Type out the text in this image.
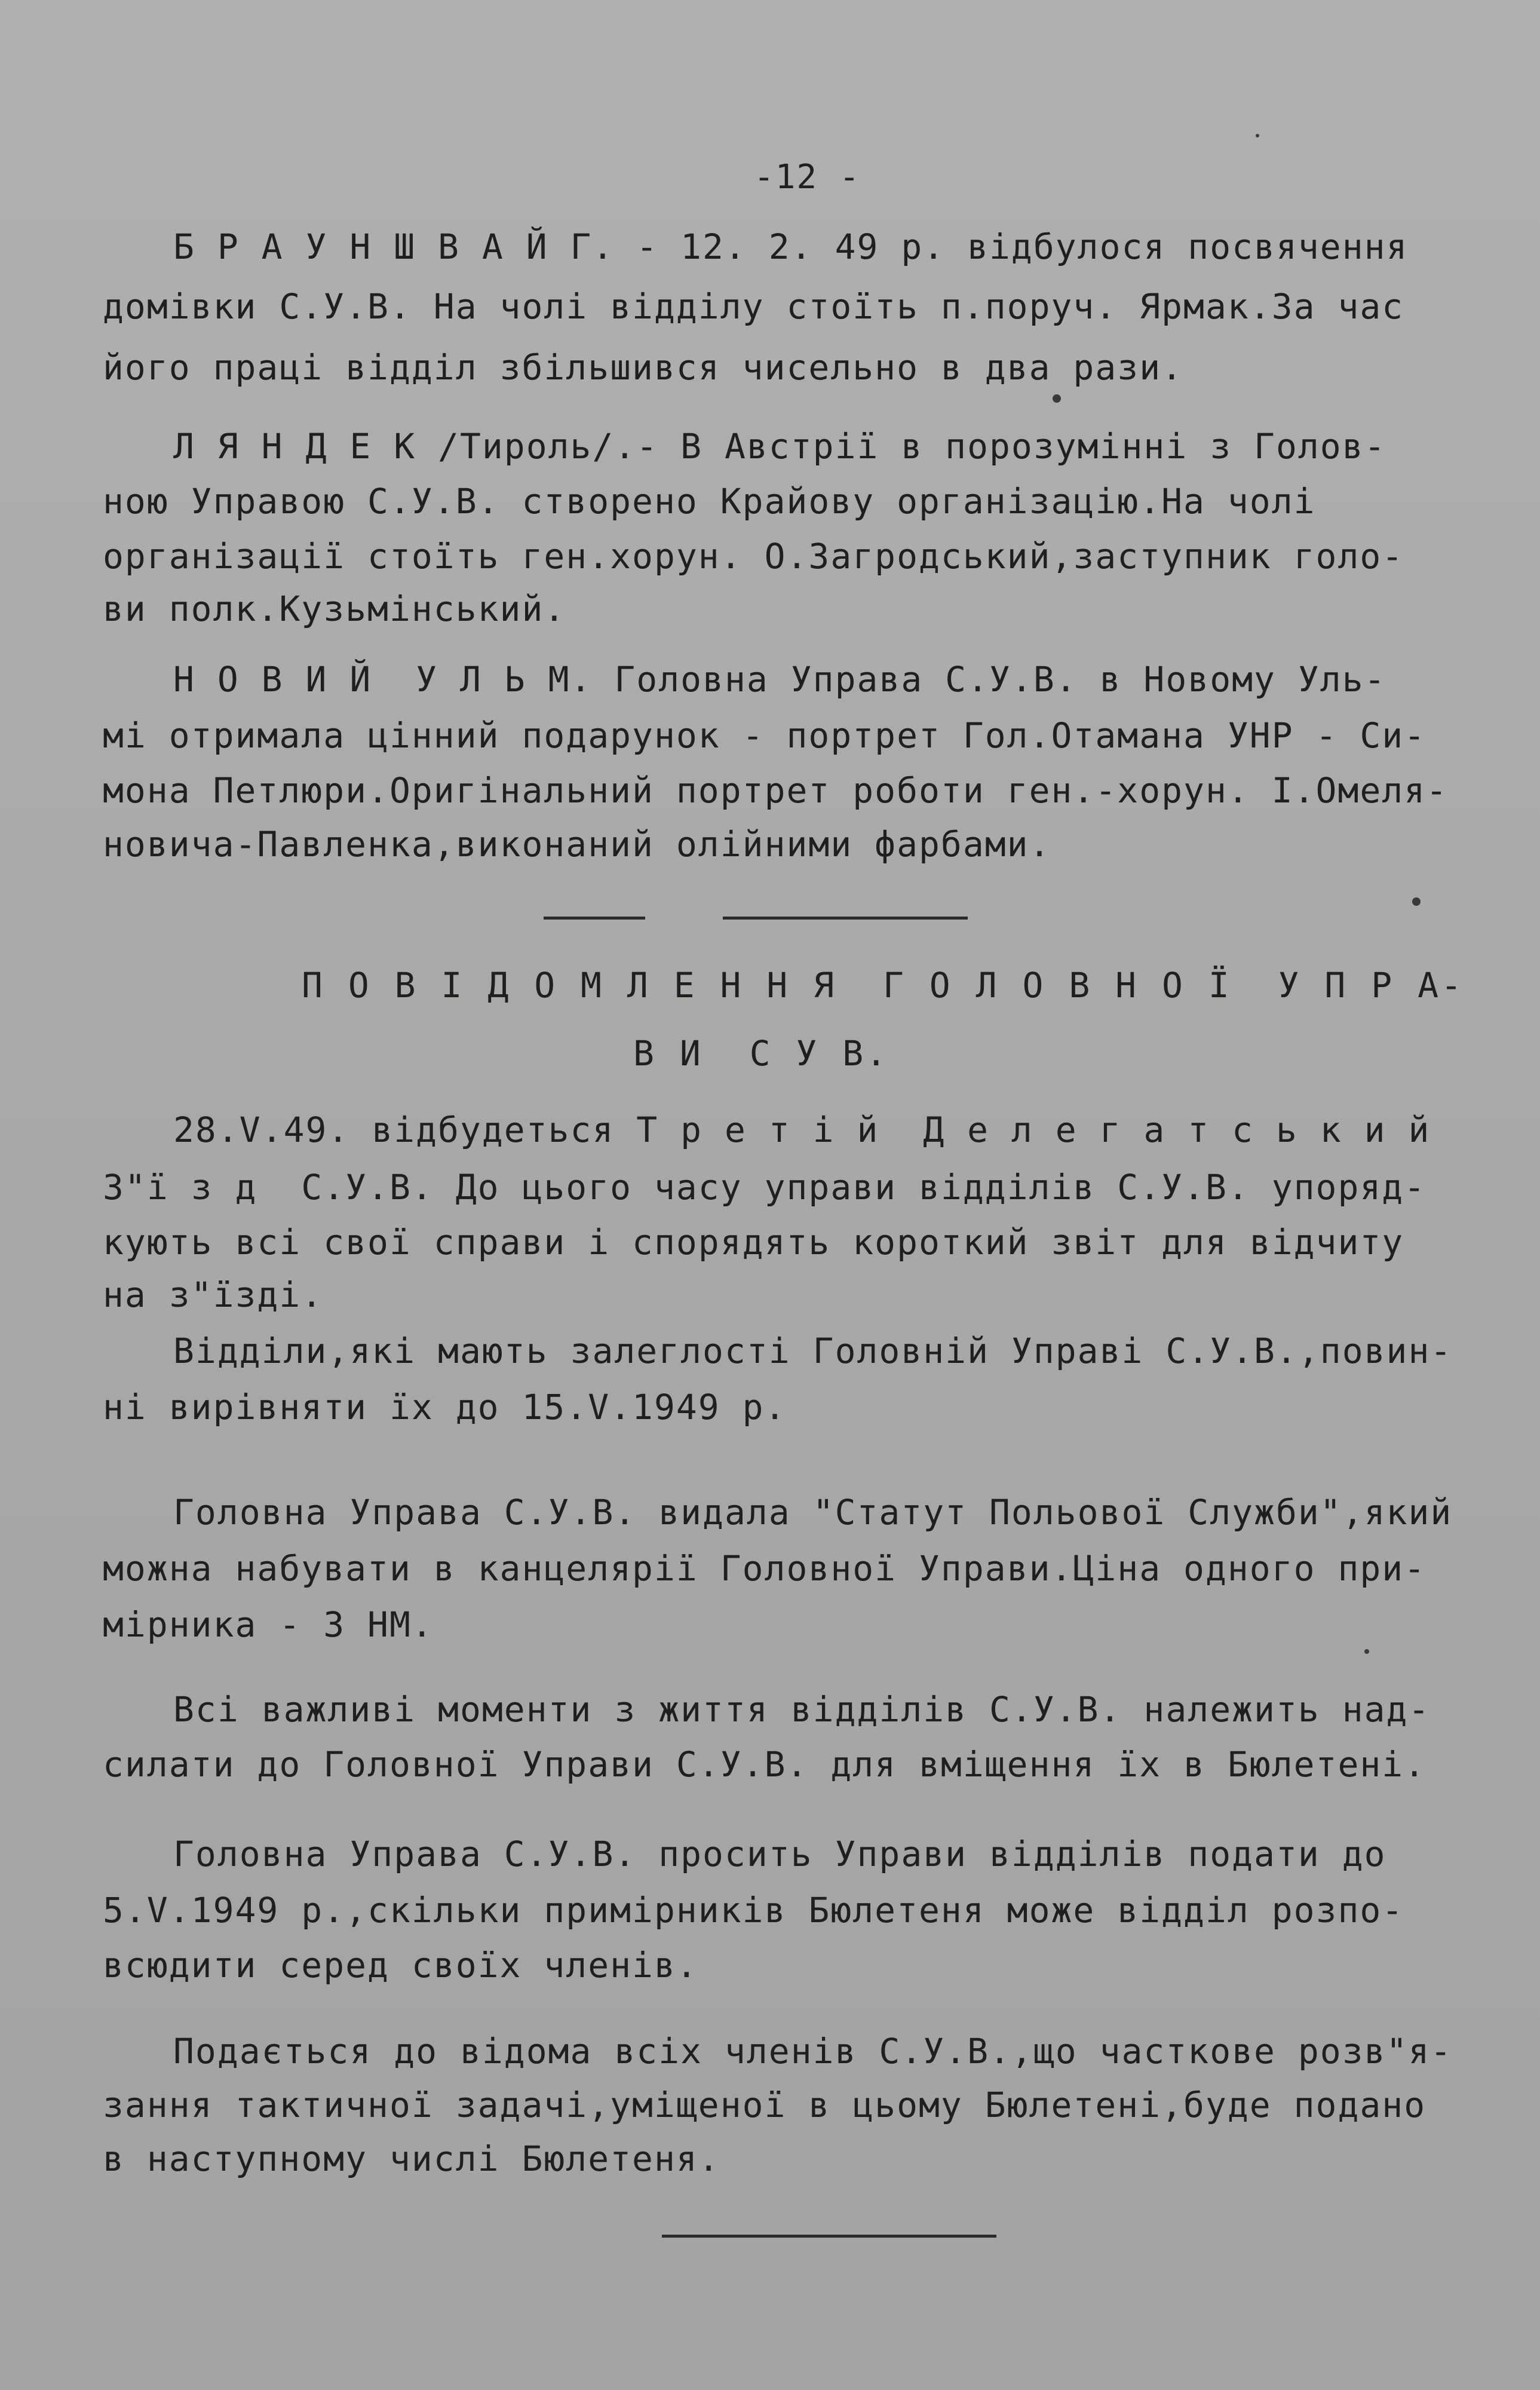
-12 -
Б Р А У Н Ш В А Й Г. - 12. 2. 49 р. відбулося посвячення
домівки С.У.В. На чолі відділу стоїть п.поруч. Ярмак.За час
його праці відділ збільшився чисельно в два рази.
Л Я Н Д Е К /Тироль/.- В Австрії в порозумінні з Голов-
ною Управою С.У.В. створено Крайову організацію.На чолі
організації стоїть ген.хорун. О.Загродський,заступник голо-
ви полк.Кузьмінський.
Н О В И Й  У Л Ь М. Головна Управа С.У.В. в Новому Уль-
мі отримала цінний подарунок - портрет Гол.Отамана УНР - Си-
мона Петлюри.Оригінальний портрет роботи ген.-хорун. І.Омеля-
новича-Павленка,виконаний олійними фарбами.
П О В І Д О М Л Е Н Н Я  Г О Л О В Н О Ї  У П Р А-
В И  С У В.
28.V.49. відбудеться Т р е т і й  Д е л е г а т с ь к и й
З"ї з д  С.У.В. До цього часу управи відділів С.У.В. упоряд-
кують всі свої справи і спорядять короткий звіт для відчиту
на з"їзді.
Відділи,які мають залеглості Головній Управі С.У.В.,повин-
ні вирівняти їх до 15.V.1949 р.
Головна Управа С.У.В. видала "Статут Польової Служби",який
можна набувати в канцелярії Головної Управи.Ціна одного при-
мірника - 3 НМ.
Всі важливі моменти з життя відділів С.У.В. належить над-
силати до Головної Управи С.У.В. для вміщення їх в Бюлетені.
Головна Управа С.У.В. просить Управи відділів подати до
5.V.1949 р.,скільки примірників Бюлетеня може відділ розпо-
всюдити серед своїх членів.
Подається до відома всіх членів С.У.В.,що часткове розв"я-
зання тактичної задачі,уміщеної в цьому Бюлетені,буде подано
в наступному числі Бюлетеня.
